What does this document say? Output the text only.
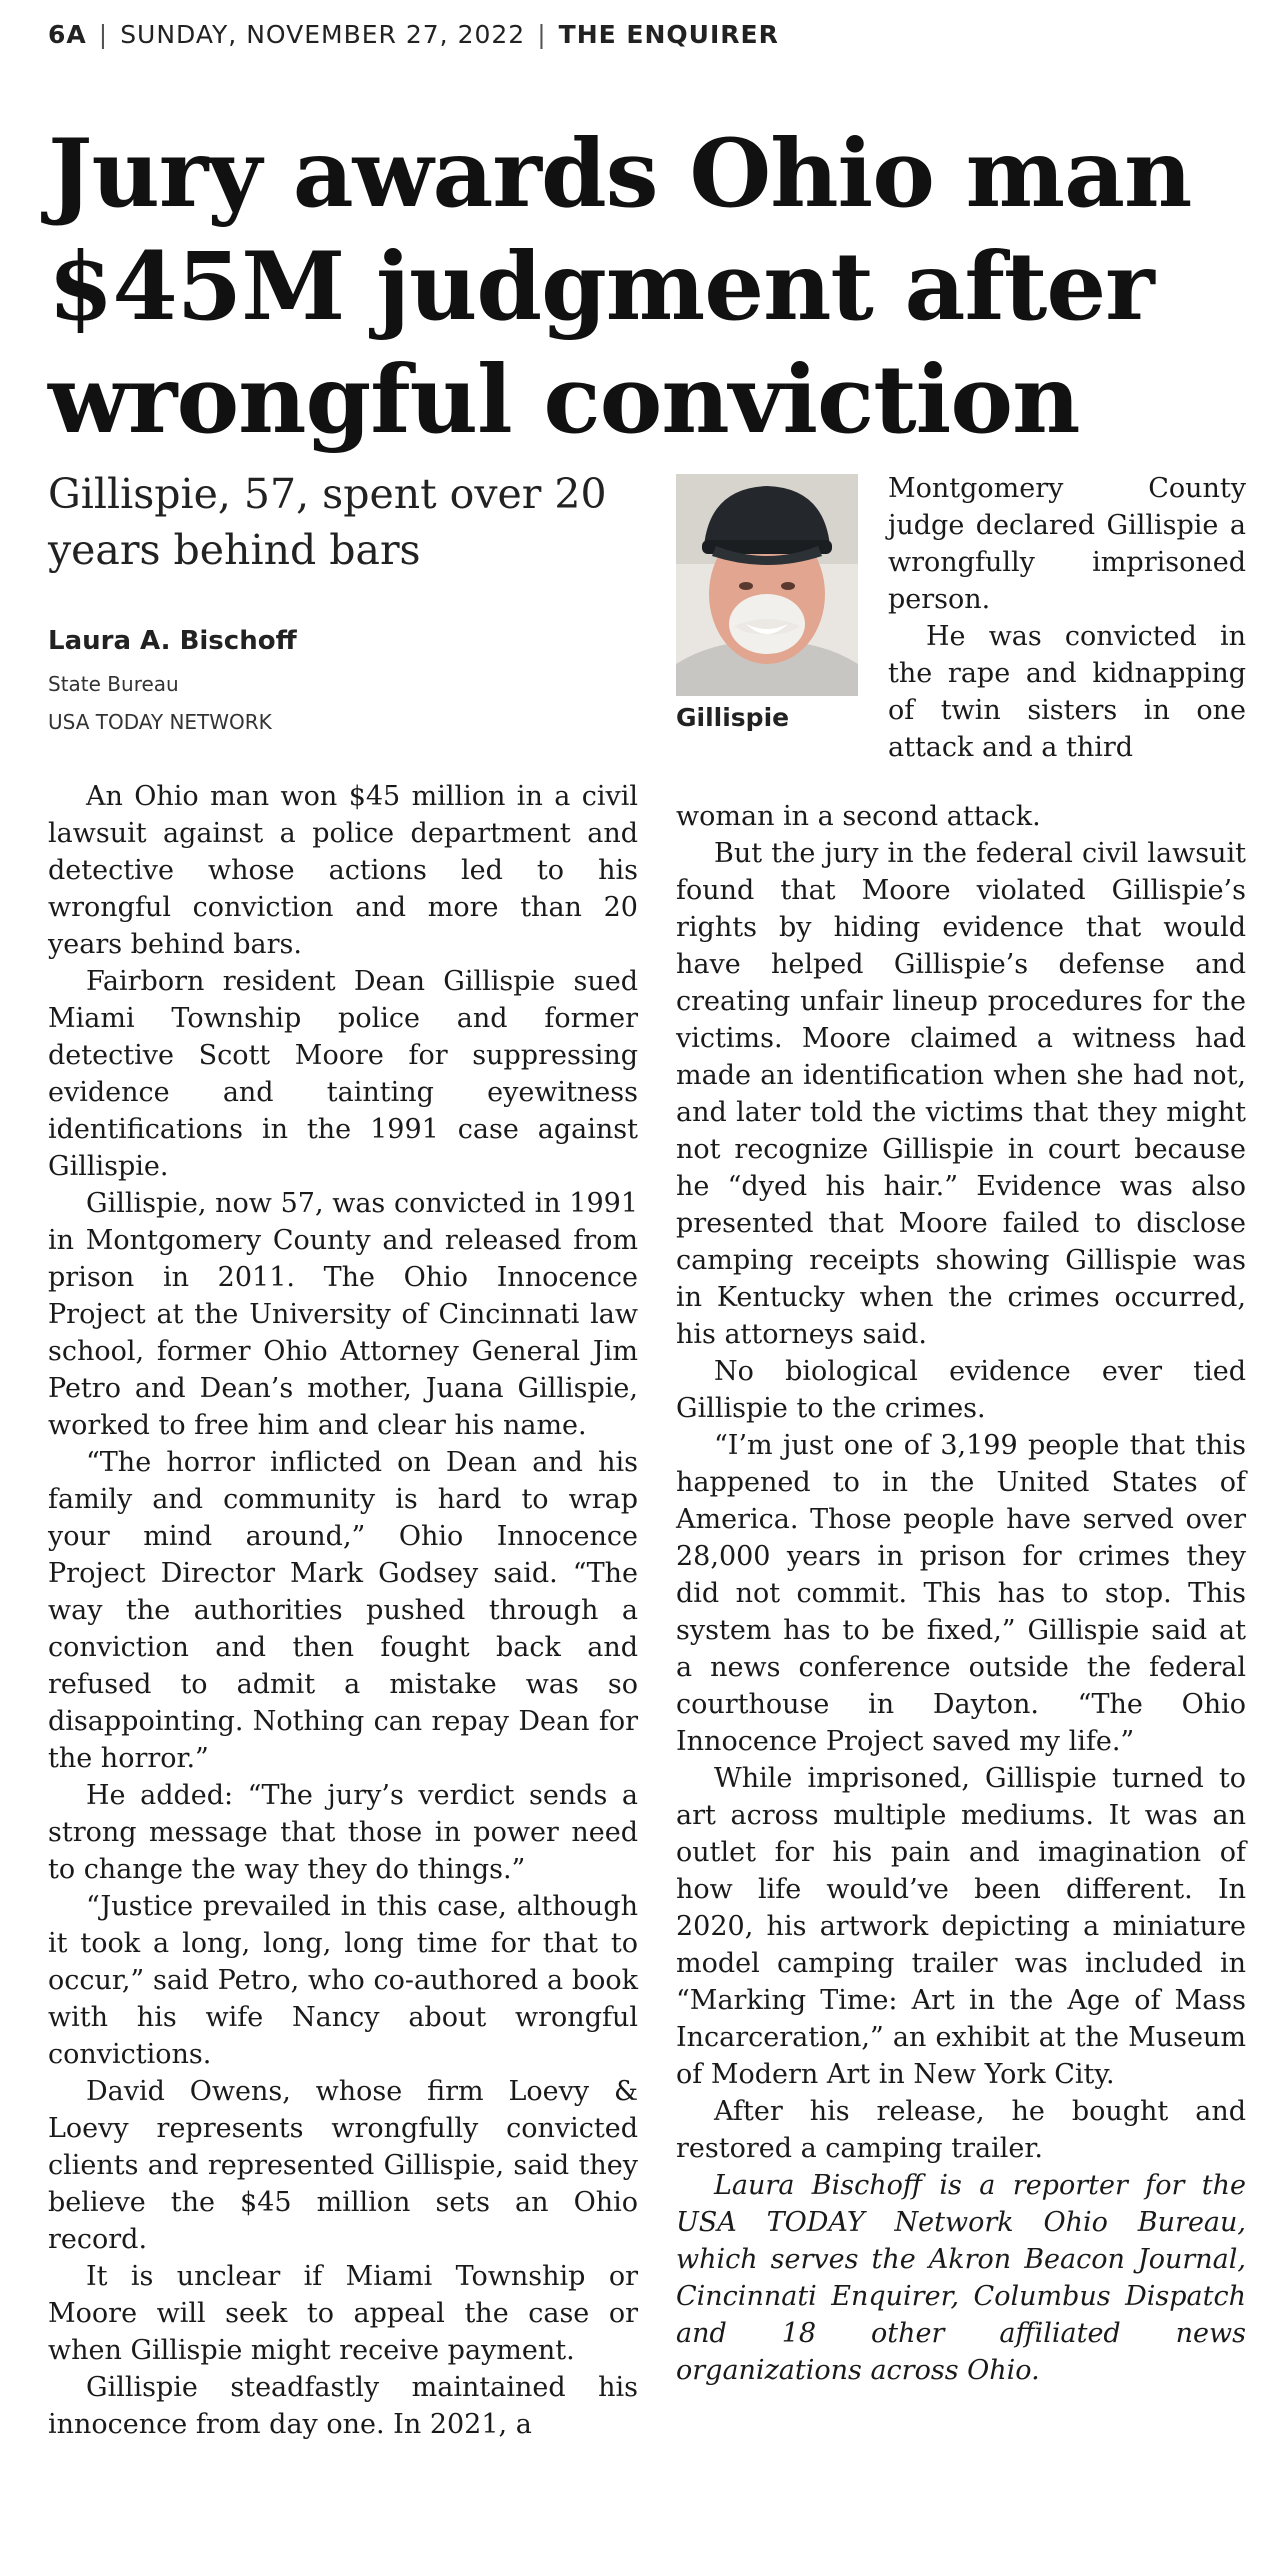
6A | SUNDAY, NOVEMBER 27, 2022 | THE ENQUIRER
Jury awards Ohio man $45M judgment after wrongful conviction
Gillispie, 57, spent over 20 years behind bars
Laura A. Bischoff
State Bureau
USA TODAY NETWORK

An Ohio man won $45 million in a civil lawsuit against a police department and detective whose actions led to his wrongful conviction and more than 20 years behind bars.

Fairborn resident Dean Gillispie sued Miami Township police and former detective Scott Moore for suppressing evidence and tainting eyewitness identifications in the 1991 case against Gillispie.

Gillispie, now 57, was convicted in 1991 in Montgomery County and released from prison in 2011. The Ohio Innocence Project at the University of Cincinnati law school, former Ohio Attorney General Jim Petro and Dean’s mother, Juana Gillispie, worked to free him and clear his name.

“The horror inflicted on Dean and his family and community is hard to wrap your mind around,” Ohio Innocence Project Director Mark Godsey said. “The way the authorities pushed through a conviction and then fought back and refused to admit a mistake was so disappointing. Nothing can repay Dean for the horror.”

He added: “The jury’s verdict sends a strong message that those in power need to change the way they do things.”

“Justice prevailed in this case, although it took a long, long, long time for that to occur,” said Petro, who co-authored a book with his wife Nancy about wrongful convictions.

David Owens, whose firm Loevy & Loevy represents wrongfully convicted clients and represented Gillispie, said they believe the $45 million sets an Ohio record.

It is unclear if Miami Township or Moore will seek to appeal the case or when Gillispie might receive payment.

Gillispie steadfastly maintained his innocence from day one. In 2021, a

Gillispie

Montgomery County judge declared Gillispie a wrongfully imprisoned person.

He was convicted in the rape and kidnapping of twin sisters in one attack and a third

woman in a second attack.

But the jury in the federal civil lawsuit found that Moore violated Gillispie’s rights by hiding evidence that would have helped Gillispie’s defense and creating unfair lineup procedures for the victims. Moore claimed a witness had made an identification when she had not, and later told the victims that they might not recognize Gillispie in court because he “dyed his hair.” Evidence was also presented that Moore failed to disclose camping receipts showing Gillispie was in Kentucky when the crimes occurred, his attorneys said.

No biological evidence ever tied Gillispie to the crimes.

“I’m just one of 3,199 people that this happened to in the United States of America. Those people have served over 28,000 years in prison for crimes they did not commit. This has to stop. This system has to be fixed,” Gillispie said at a news conference outside the federal courthouse in Dayton. “The Ohio Innocence Project saved my life.”

While imprisoned, Gillispie turned to art across multiple mediums. It was an outlet for his pain and imagination of how life would’ve been different. In 2020, his artwork depicting a miniature model camping trailer was included in “Marking Time: Art in the Age of Mass Incarceration,” an exhibit at the Museum of Modern Art in New York City.

After his release, he bought and restored a camping trailer.

Laura Bischoff is a reporter for the USA TODAY Network Ohio Bureau, which serves the Akron Beacon Journal, Cincinnati Enquirer, Columbus Dispatch and 18 other affiliated news organizations across Ohio.
